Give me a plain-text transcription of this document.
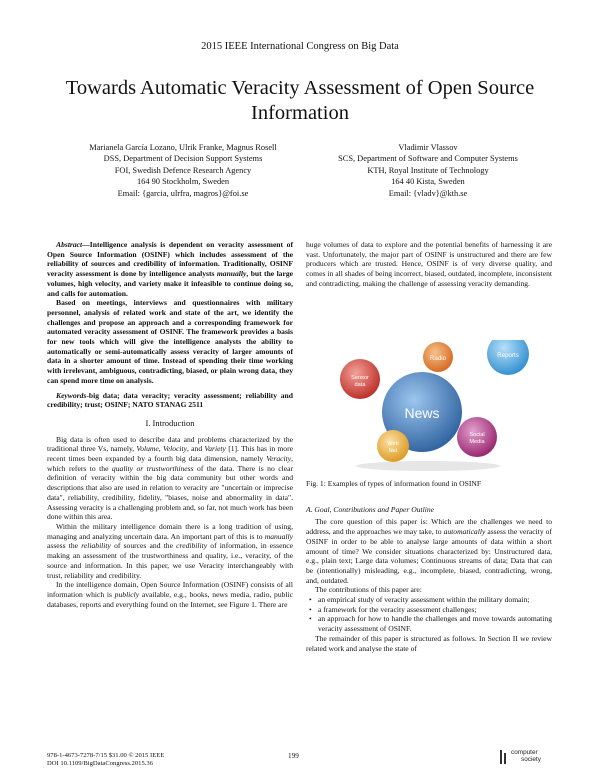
2015 IEEE International Congress on Big Data
Towards Automatic Veracity Assessment of Open Source Information
Marianela García Lozano, Ulrik Franke, Magnus Rosell
DSS, Department of Decision Support Systems
FOI, Swedish Defence Research Agency
164 90 Stockholm, Sweden
Email: {garcia, ulrfra, magros}@foi.se
Vladimir Vlassov
SCS, Department of Software and Computer Systems
KTH, Royal Institute of Technology
164 40 Kista, Sweden
Email: {vladv}@kth.se

Abstract—Intelligence analysis is dependent on veracity assessment of Open Source Information (OSINF) which includes assessment of the reliability of sources and credibility of information. Traditionally, OSINF veracity assessment is done by intelligence analysts manually, but the large volumes, high velocity, and variety make it infeasible to continue doing so, and calls for automation.

Based on meetings, interviews and questionnaires with military personnel, analysis of related work and state of the art, we identify the challenges and propose an approach and a corresponding framework for automated veracity assessment of OSINF. The framework provides a basis for new tools which will give the intelligence analysts the ability to automatically or semi-automatically assess veracity of larger amounts of data in a shorter amount of time. Instead of spending their time working with irrelevant, ambiguous, contradicting, biased, or plain wrong data, they can spend more time on analysis.

Keywords-big data; data veracity; veracity assessment; reliability and credibility; trust; OSINF; NATO STANAG 2511

I. Introduction

Big data is often used to describe data and problems characterized by the traditional three Vs, namely, Volume, Velocity, and Variety [1]. This has in more recent times been expanded by a fourth big data dimension, namely Veracity, which refers to the quality or trustworthiness of the data. There is no clear definition of veracity within the big data community but other words and descriptions that also are used in relation to veracity are "uncertain or imprecise data", reliability, credibility, fidelity, "biases, noise and abnormality in data". Assessing veracity is a challenging problem and, so far, not much work has been done within this area.

Within the military intelligence domain there is a long tradition of using, managing and analyzing uncertain data. An important part of this is to manually assess the reliability of sources and the credibility of information, in essence making an assessment of the trustworthiness and quality, i.e., veracity, of the source and information. In this paper, we use Veracity interchangeably with trust, reliability and credibility.

In the intelligence domain, Open Source Information (OSINF) consists of all information which is publicly available, e.g., books, news media, radio, public databases, reports and everything found on the Internet, see Figure 1. There are

huge volumes of data to explore and the potential benefits of harnessing it are vast. Unfortunately, the major part of OSINF is unstructured and there are few producers which are trusted. Hence, OSINF is of very diverse quality, and comes in all shades of being incorrect, biased, outdated, incomplete, inconsistent and contradicting, making the challenge of assessing veracity demanding.

News
Radio	Reports
Sensor data
Social Media
Web Net
Fig. 1: Examples of types of information found in OSINF
A. Goal, Contributions and Paper Outline

The core question of this paper is: Which are the challenges we need to address, and the approaches we may take, to automatically assess the veracity of OSINF in order to be able to analyse large amounts of data within a short amount of time? We consider situations characterized by: Unstructured data, e.g., plain text; Large data volumes; Continuous streams of data; Data that can be (intentionally) misleading, e.g., incomplete, biased, contradicting, wrong, and, outdated.

The contributions of this paper are:

• an empirical study of veracity assessment within the military domain;
• a framework for the veracity assessment challenges;
• an approach for how to handle the challenges and move towards automating veracity assessment of OSINF.

The remainder of this paper is structured as follows. In Section II we review related work and analyse the state of

978-1-4673-7278-7/15 $31.00 © 2015 IEEE
DOI 10.1109/BigDataCongress.2015.36
199	computer
society
